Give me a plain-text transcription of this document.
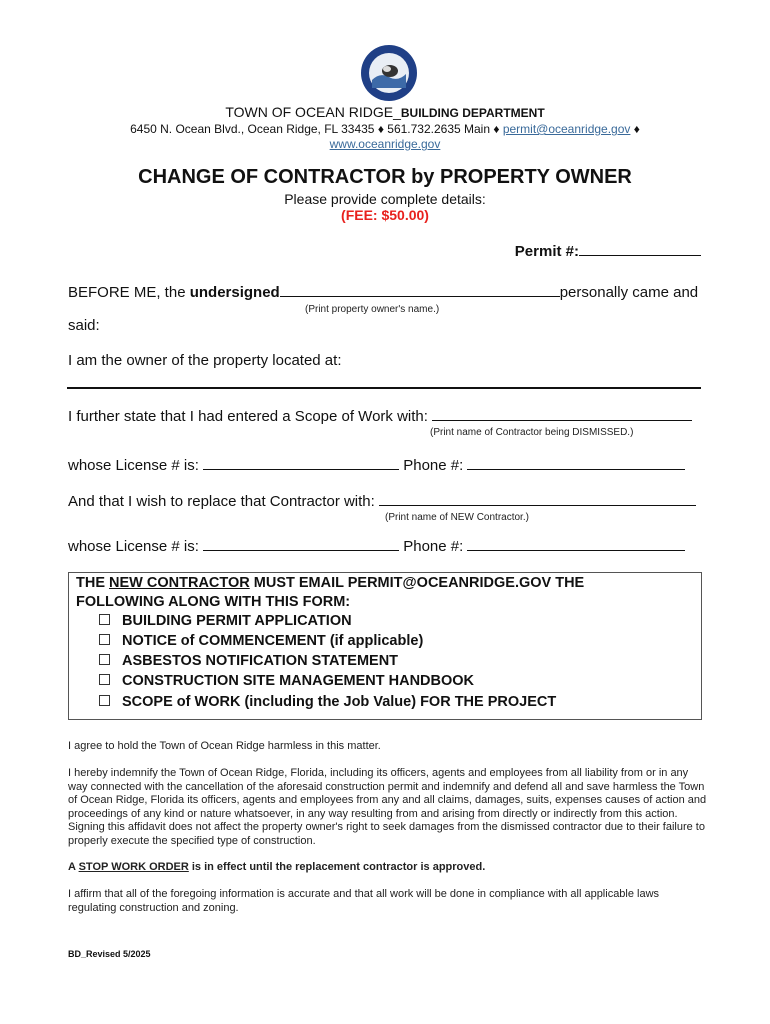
TOWN OF OCEAN RIDGE_BUILDING DEPARTMENT
6450 N. Ocean Blvd., Ocean Ridge, FL 33435 ♦ 561.732.2635 Main ♦ permit@oceanridge.gov ♦
www.oceanridge.gov
CHANGE OF CONTRACTOR by PROPERTY OWNER
Please provide complete details:
(FEE: $50.00)
Permit #:
BEFORE ME, the undersigned	personally came and
(Print property owner's name.)
said:
I am the owner of the property located at:
I further state that I had entered a Scope of Work with:
(Print name of Contractor being DISMISSED.)
whose License # is:	Phone #:
And that I wish to replace that Contractor with:
(Print name of NEW Contractor.)
whose License # is:	Phone #:
THE NEW CONTRACTOR MUST EMAIL PERMIT@OCEANRIDGE.GOV THE
FOLLOWING ALONG WITH THIS FORM:
BUILDING PERMIT APPLICATION
NOTICE of COMMENCEMENT (if applicable)
ASBESTOS NOTIFICATION STATEMENT
CONSTRUCTION SITE MANAGEMENT HANDBOOK
SCOPE of WORK (including the Job Value) FOR THE PROJECT
I agree to hold the Town of Ocean Ridge harmless in this matter.
I hereby indemnify the Town of Ocean Ridge, Florida, including its officers, agents and employees from all liability from or in any way connected with the cancellation of the aforesaid construction permit and indemnify and defend all and save harmless the Town of Ocean Ridge, Florida its officers, agents and employees from any and all claims, damages, suits, expenses causes of action and proceedings of any kind or nature whatsoever, in any way resulting from and arising from directly or indirectly from this action. Signing this affidavit does not affect the property owner's right to seek damages from the dismissed contractor due to their failure to properly execute the specified type of construction.
A STOP WORK ORDER is in effect until the replacement contractor is approved.
I affirm that all of the foregoing information is accurate and that all work will be done in compliance with all applicable laws regulating construction and zoning.
BD_Revised 5/2025
